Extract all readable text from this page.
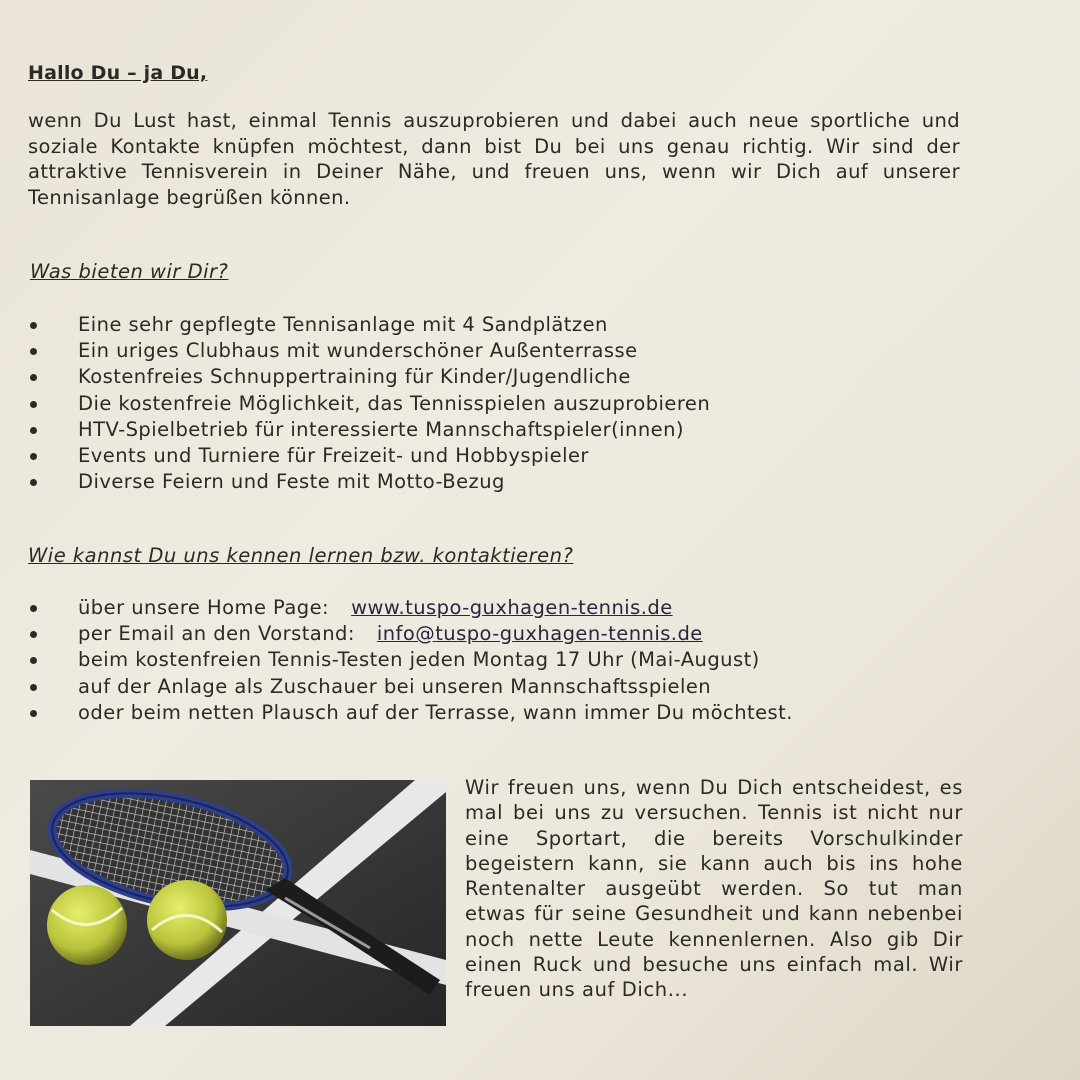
Hallo Du – ja Du,
wenn Du Lust hast, einmal Tennis auszuprobieren und dabei auch neue sportliche und soziale Kontakte knüpfen möchtest, dann bist Du bei uns genau richtig. Wir sind der attraktive Tennisverein in Deiner Nähe, und freuen uns, wenn wir Dich auf unserer Tennisanlage begrüßen können.
Was bieten wir Dir?
Eine sehr gepflegte Tennisanlage mit 4 Sandplätzen
Ein uriges Clubhaus mit wunderschöner Außenterrasse
Kostenfreies Schnuppertraining für Kinder/Jugendliche
Die kostenfreie Möglichkeit, das Tennisspielen auszuprobieren
HTV-Spielbetrieb für interessierte Mannschaftspieler(innen)
Events und Turniere für Freizeit- und Hobbyspieler
Diverse Feiern und Feste mit Motto-Bezug
Wie kannst Du uns kennen lernen bzw. kontaktieren?
über unsere Home Page: www.tuspo-guxhagen-tennis.de
per Email an den Vorstand: info@tuspo-guxhagen-tennis.de
beim kostenfreien Tennis-Testen jeden Montag 17 Uhr (Mai-August)
auf der Anlage als Zuschauer bei unseren Mannschaftsspielen
oder beim netten Plausch auf der Terrasse, wann immer Du möchtest.
Wir freuen uns, wenn Du Dich entscheidest, es mal bei uns zu versuchen. Tennis ist nicht nur eine Sportart, die bereits Vorschulkinder begeistern kann, sie kann auch bis ins hohe Rentenalter ausgeübt werden. So tut man etwas für seine Gesundheit und kann nebenbei noch nette Leute kennenlernen. Also gib Dir einen Ruck und besuche uns einfach mal. Wir freuen uns auf Dich...
